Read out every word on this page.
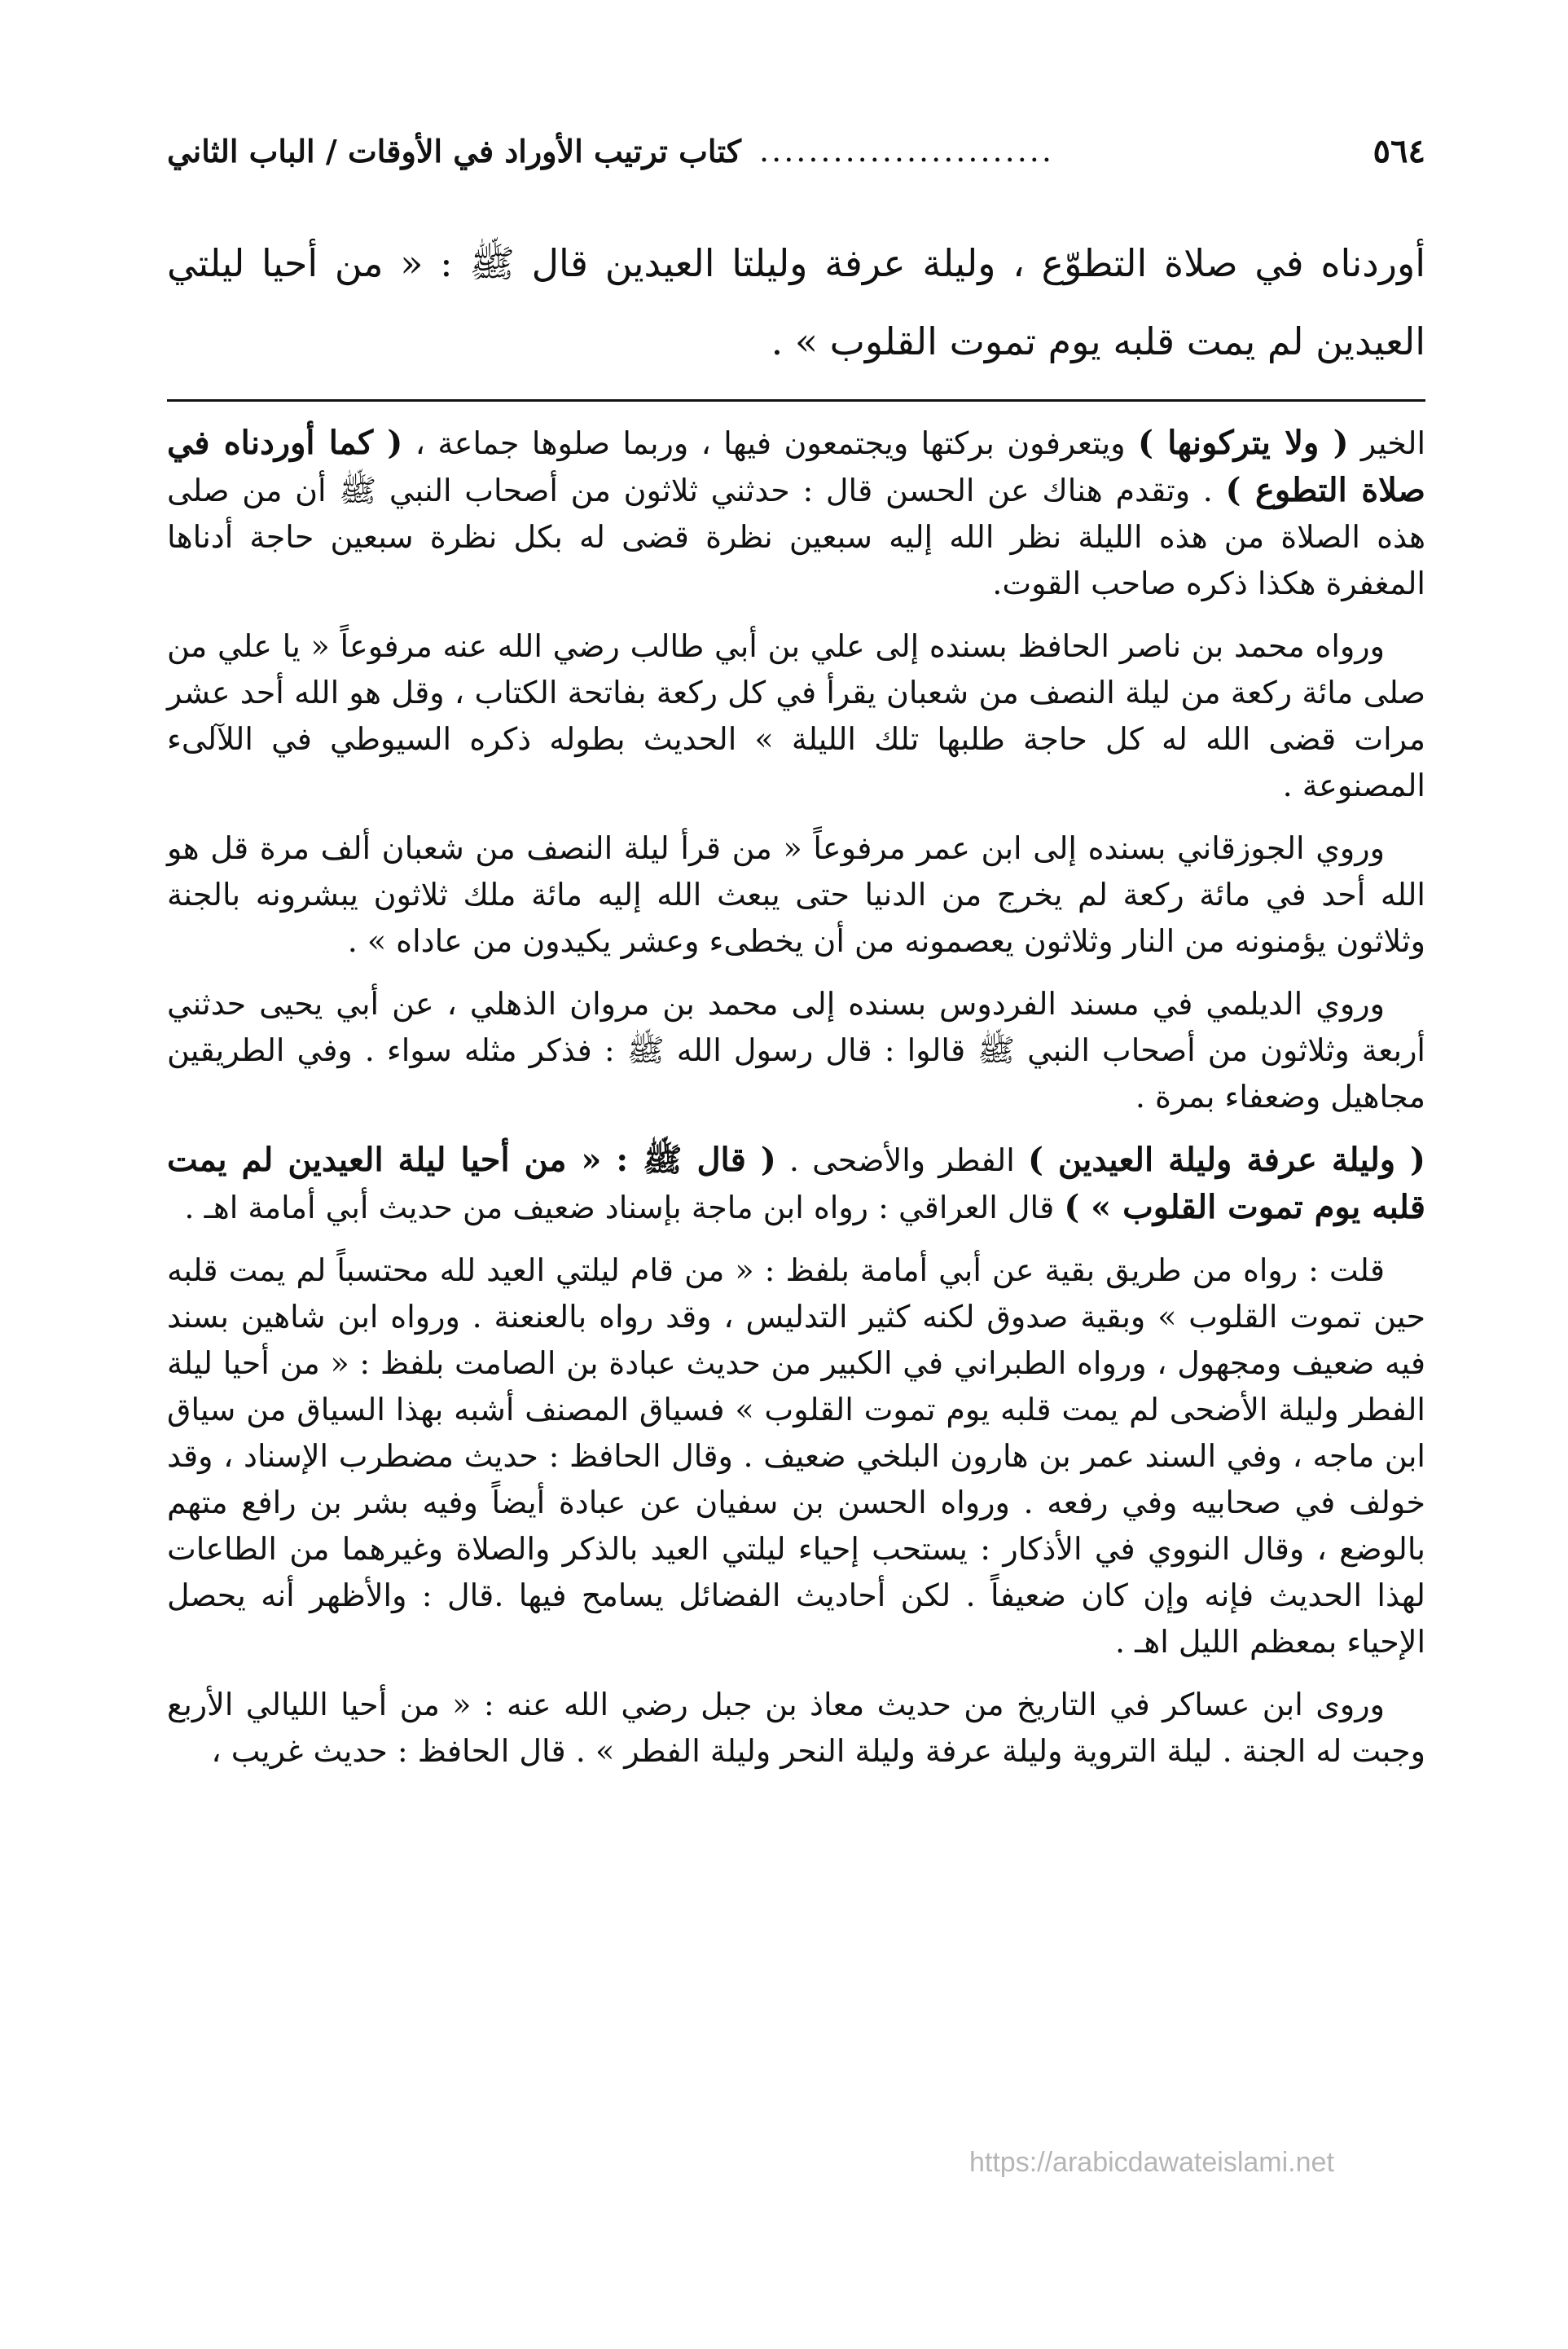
٥٦٤
........................
كتاب ترتيب الأوراد في الأوقات / الباب الثاني

أوردناه في صلاة التطوّع ، وليلة عرفة وليلتا العيدين قال ﷺ : « من أحيا ليلتي العيدين لم يمت قلبه يوم تموت القلوب » .

الخير ( ولا يتركونها ) ويتعرفون بركتها ويجتمعون فيها ، وربما صلوها جماعة ، ( كما أوردناه في صلاة التطوع ) . وتقدم هناك عن الحسن قال : حدثني ثلاثون من أصحاب النبي ﷺ أن من صلى هذه الصلاة من هذه الليلة نظر الله إليه سبعين نظرة قضى له بكل نظرة سبعين حاجة أدناها المغفرة هكذا ذكره صاحب القوت.

ورواه محمد بن ناصر الحافظ بسنده إلى علي بن أبي طالب رضي الله عنه مرفوعاً « يا علي من صلى مائة ركعة من ليلة النصف من شعبان يقرأ في كل ركعة بفاتحة الكتاب ، وقل هو الله أحد عشر مرات قضى الله له كل حاجة طلبها تلك الليلة » الحديث بطوله ذكره السيوطي في اللآلىء المصنوعة .

وروي الجوزقاني بسنده إلى ابن عمر مرفوعاً « من قرأ ليلة النصف من شعبان ألف مرة قل هو الله أحد في مائة ركعة لم يخرج من الدنيا حتى يبعث الله إليه مائة ملك ثلاثون يبشرونه بالجنة وثلاثون يؤمنونه من النار وثلاثون يعصمونه من أن يخطىء وعشر يكيدون من عاداه » .

وروي الديلمي في مسند الفردوس بسنده إلى محمد بن مروان الذهلي ، عن أبي يحيى حدثني أربعة وثلاثون من أصحاب النبي ﷺ قالوا : قال رسول الله ﷺ : فذكر مثله سواء . وفي الطريقين مجاهيل وضعفاء بمرة .

( وليلة عرفة وليلة العيدين ) الفطر والأضحى . ( قال ﷺ : « من أحيا ليلة العيدين لم يمت قلبه يوم تموت القلوب » ) قال العراقي : رواه ابن ماجة بإسناد ضعيف من حديث أبي أمامة اهـ .

قلت : رواه من طريق بقية عن أبي أمامة بلفظ : « من قام ليلتي العيد لله محتسباً لم يمت قلبه حين تموت القلوب » وبقية صدوق لكنه كثير التدليس ، وقد رواه بالعنعنة . ورواه ابن شاهين بسند فيه ضعيف ومجهول ، ورواه الطبراني في الكبير من حديث عبادة بن الصامت بلفظ : « من أحيا ليلة الفطر وليلة الأضحى لم يمت قلبه يوم تموت القلوب » فسياق المصنف أشبه بهذا السياق من سياق ابن ماجه ، وفي السند عمر بن هارون البلخي ضعيف . وقال الحافظ : حديث مضطرب الإسناد ، وقد خولف في صحابيه وفي رفعه . ورواه الحسن بن سفيان عن عبادة أيضاً وفيه بشر بن رافع متهم بالوضع ، وقال النووي في الأذكار : يستحب إحياء ليلتي العيد بالذكر والصلاة وغيرهما من الطاعات لهذا الحديث فإنه وإن كان ضعيفاً . لكن أحاديث الفضائل يسامح فيها .قال : والأظهر أنه يحصل الإحياء بمعظم الليل اهـ .

وروى ابن عساكر في التاريخ من حديث معاذ بن جبل رضي الله عنه : « من أحيا الليالي الأربع وجبت له الجنة . ليلة التروية وليلة عرفة وليلة النحر وليلة الفطر » . قال الحافظ : حديث غريب ،

https://arabicdawateislami.net
